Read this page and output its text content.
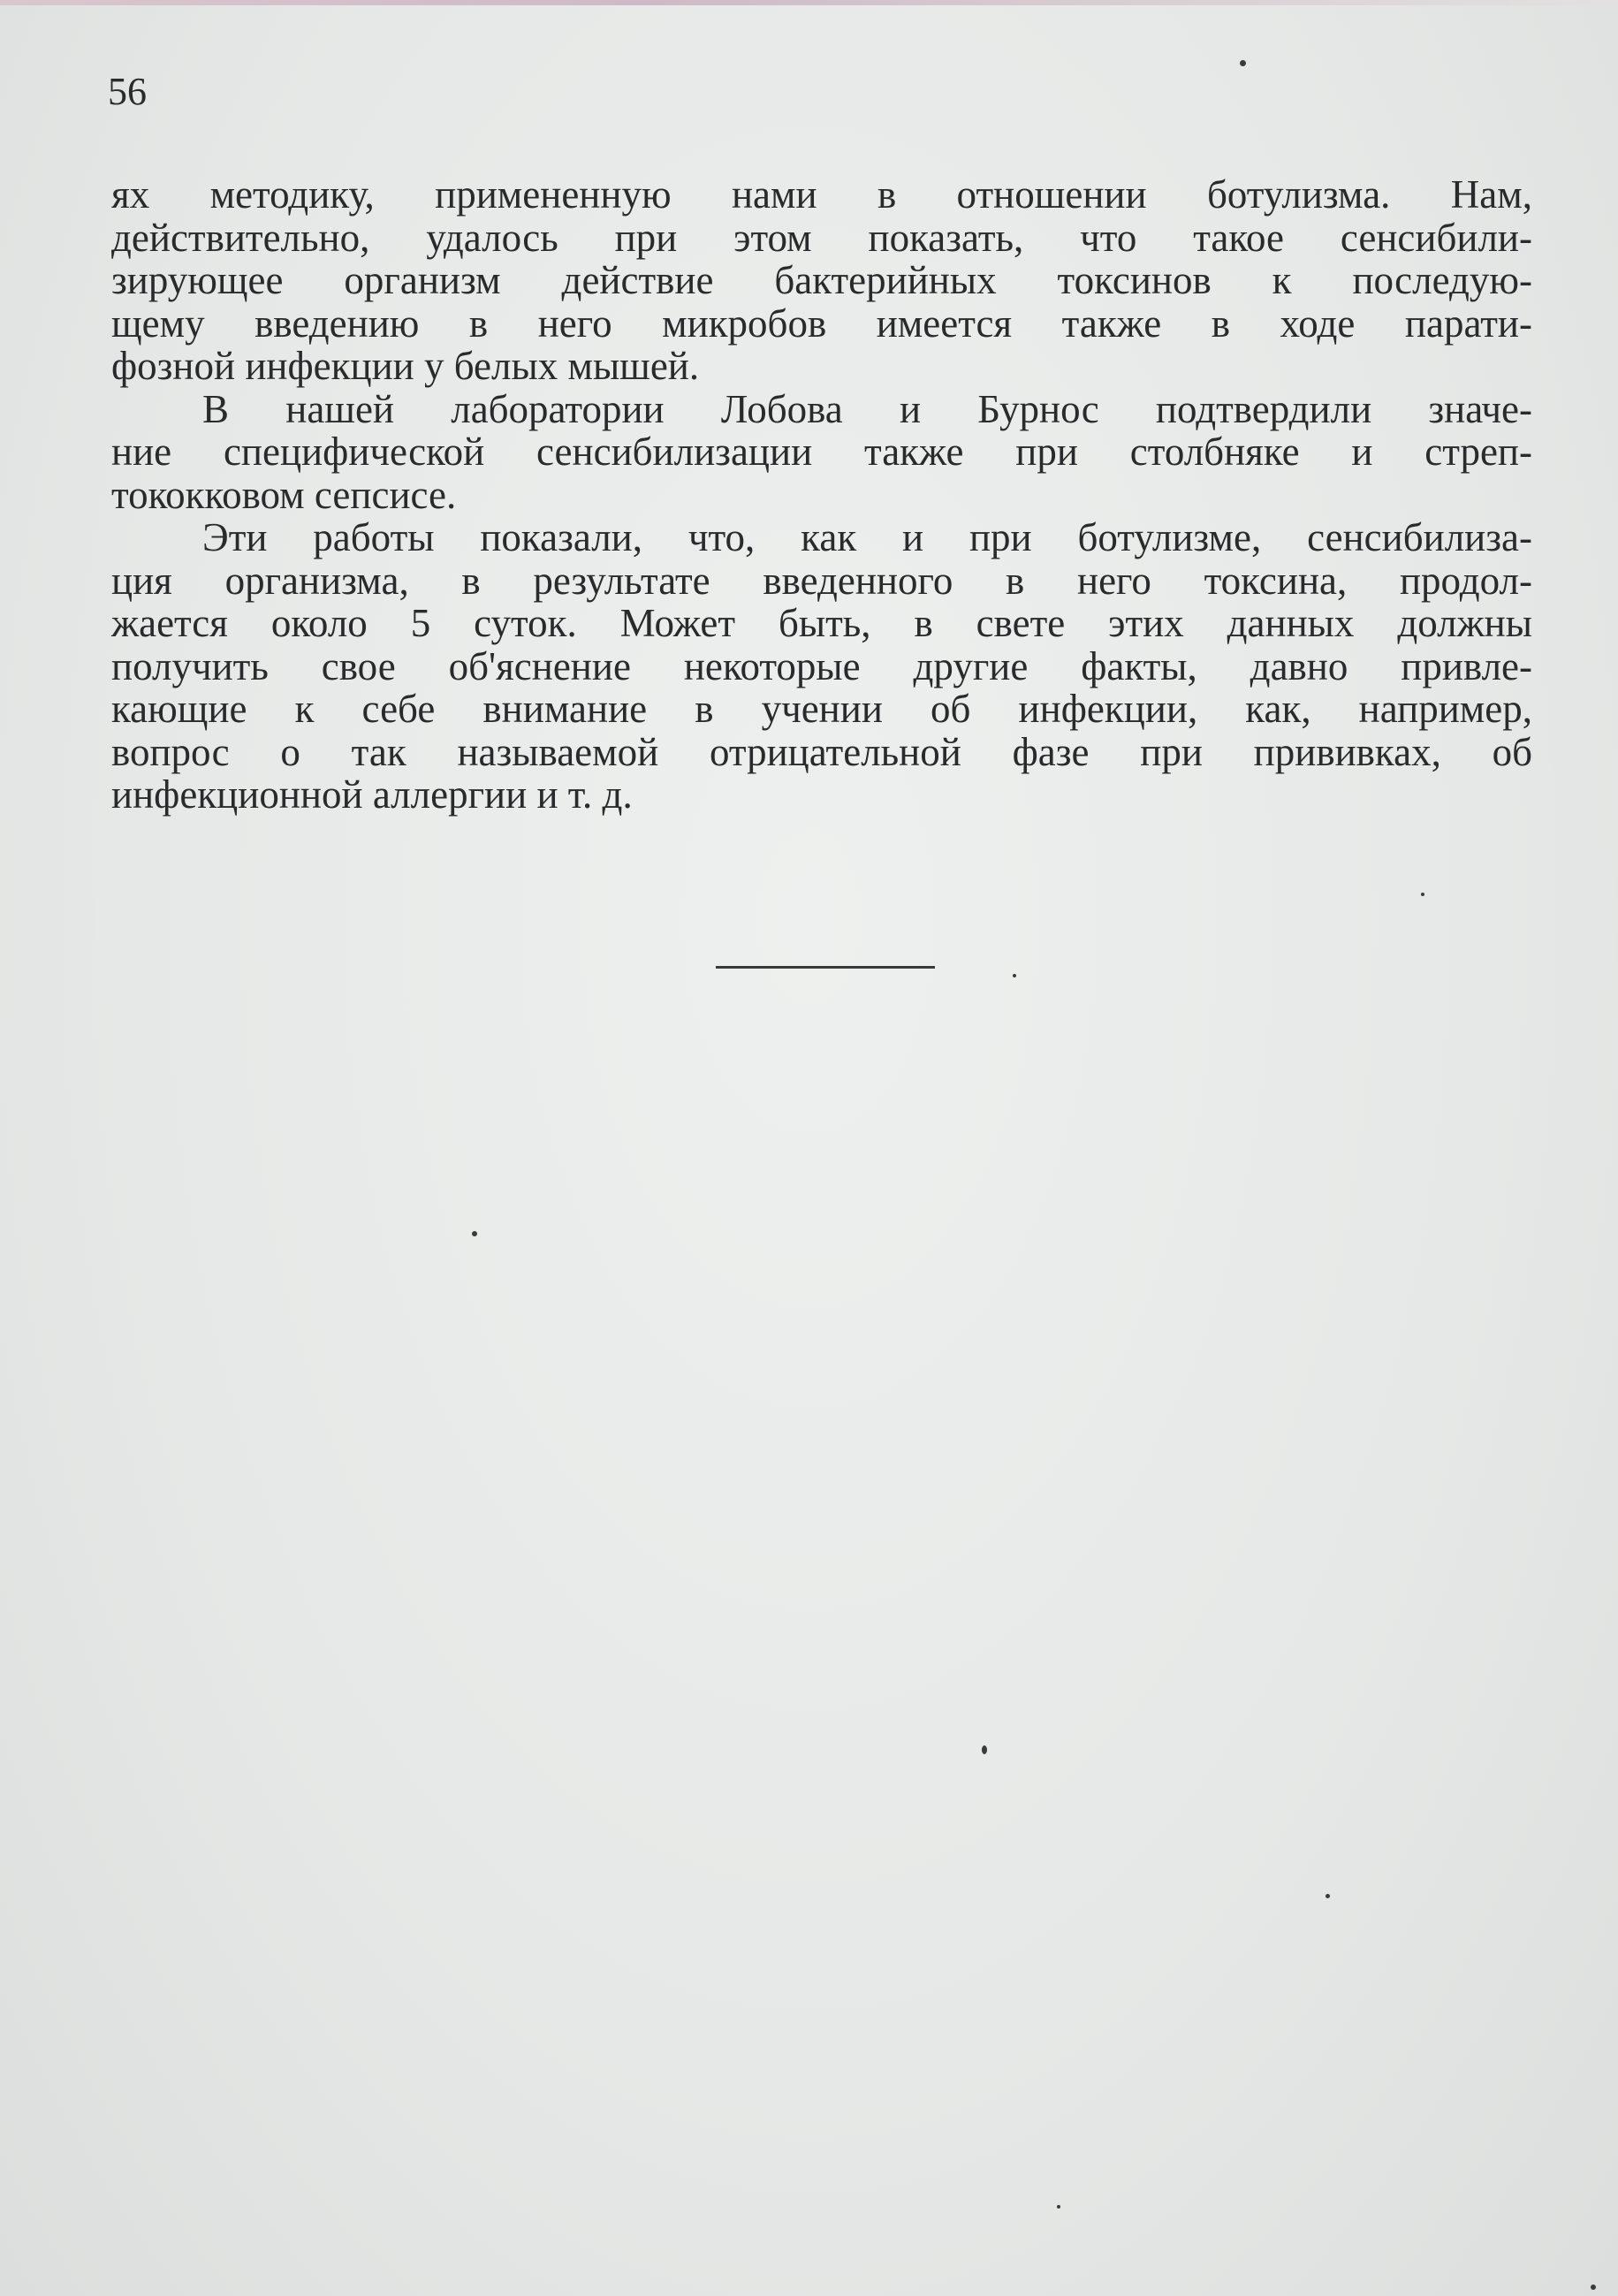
56

ях методику, примененную нами в отношении ботулизма. Нам,
действительно, удалось при этом показать, что такое сенсибили-
зирующее организм действие бактерийных токсинов к последую-
щему введению в него микробов имеется также в ходе парати-
фозной инфекции у белых мышей.

В нашей лаборатории Лобова и Бурнос подтвердили значе-
ние специфической сенсибилизации также при столбняке и стреп-
тококковом сепсисе.

Эти работы показали, что, как и при ботулизме, сенсибилиза-
ция организма, в результате введенного в него токсина, продол-
жается около 5 суток. Может быть, в свете этих данных должны
получить свое об'яснение некоторые другие факты, давно привле-
кающие к себе внимание в учении об инфекции, как, например,
вопрос о так называемой отрицательной фазе при прививках, об
инфекционной аллергии и т. д.
